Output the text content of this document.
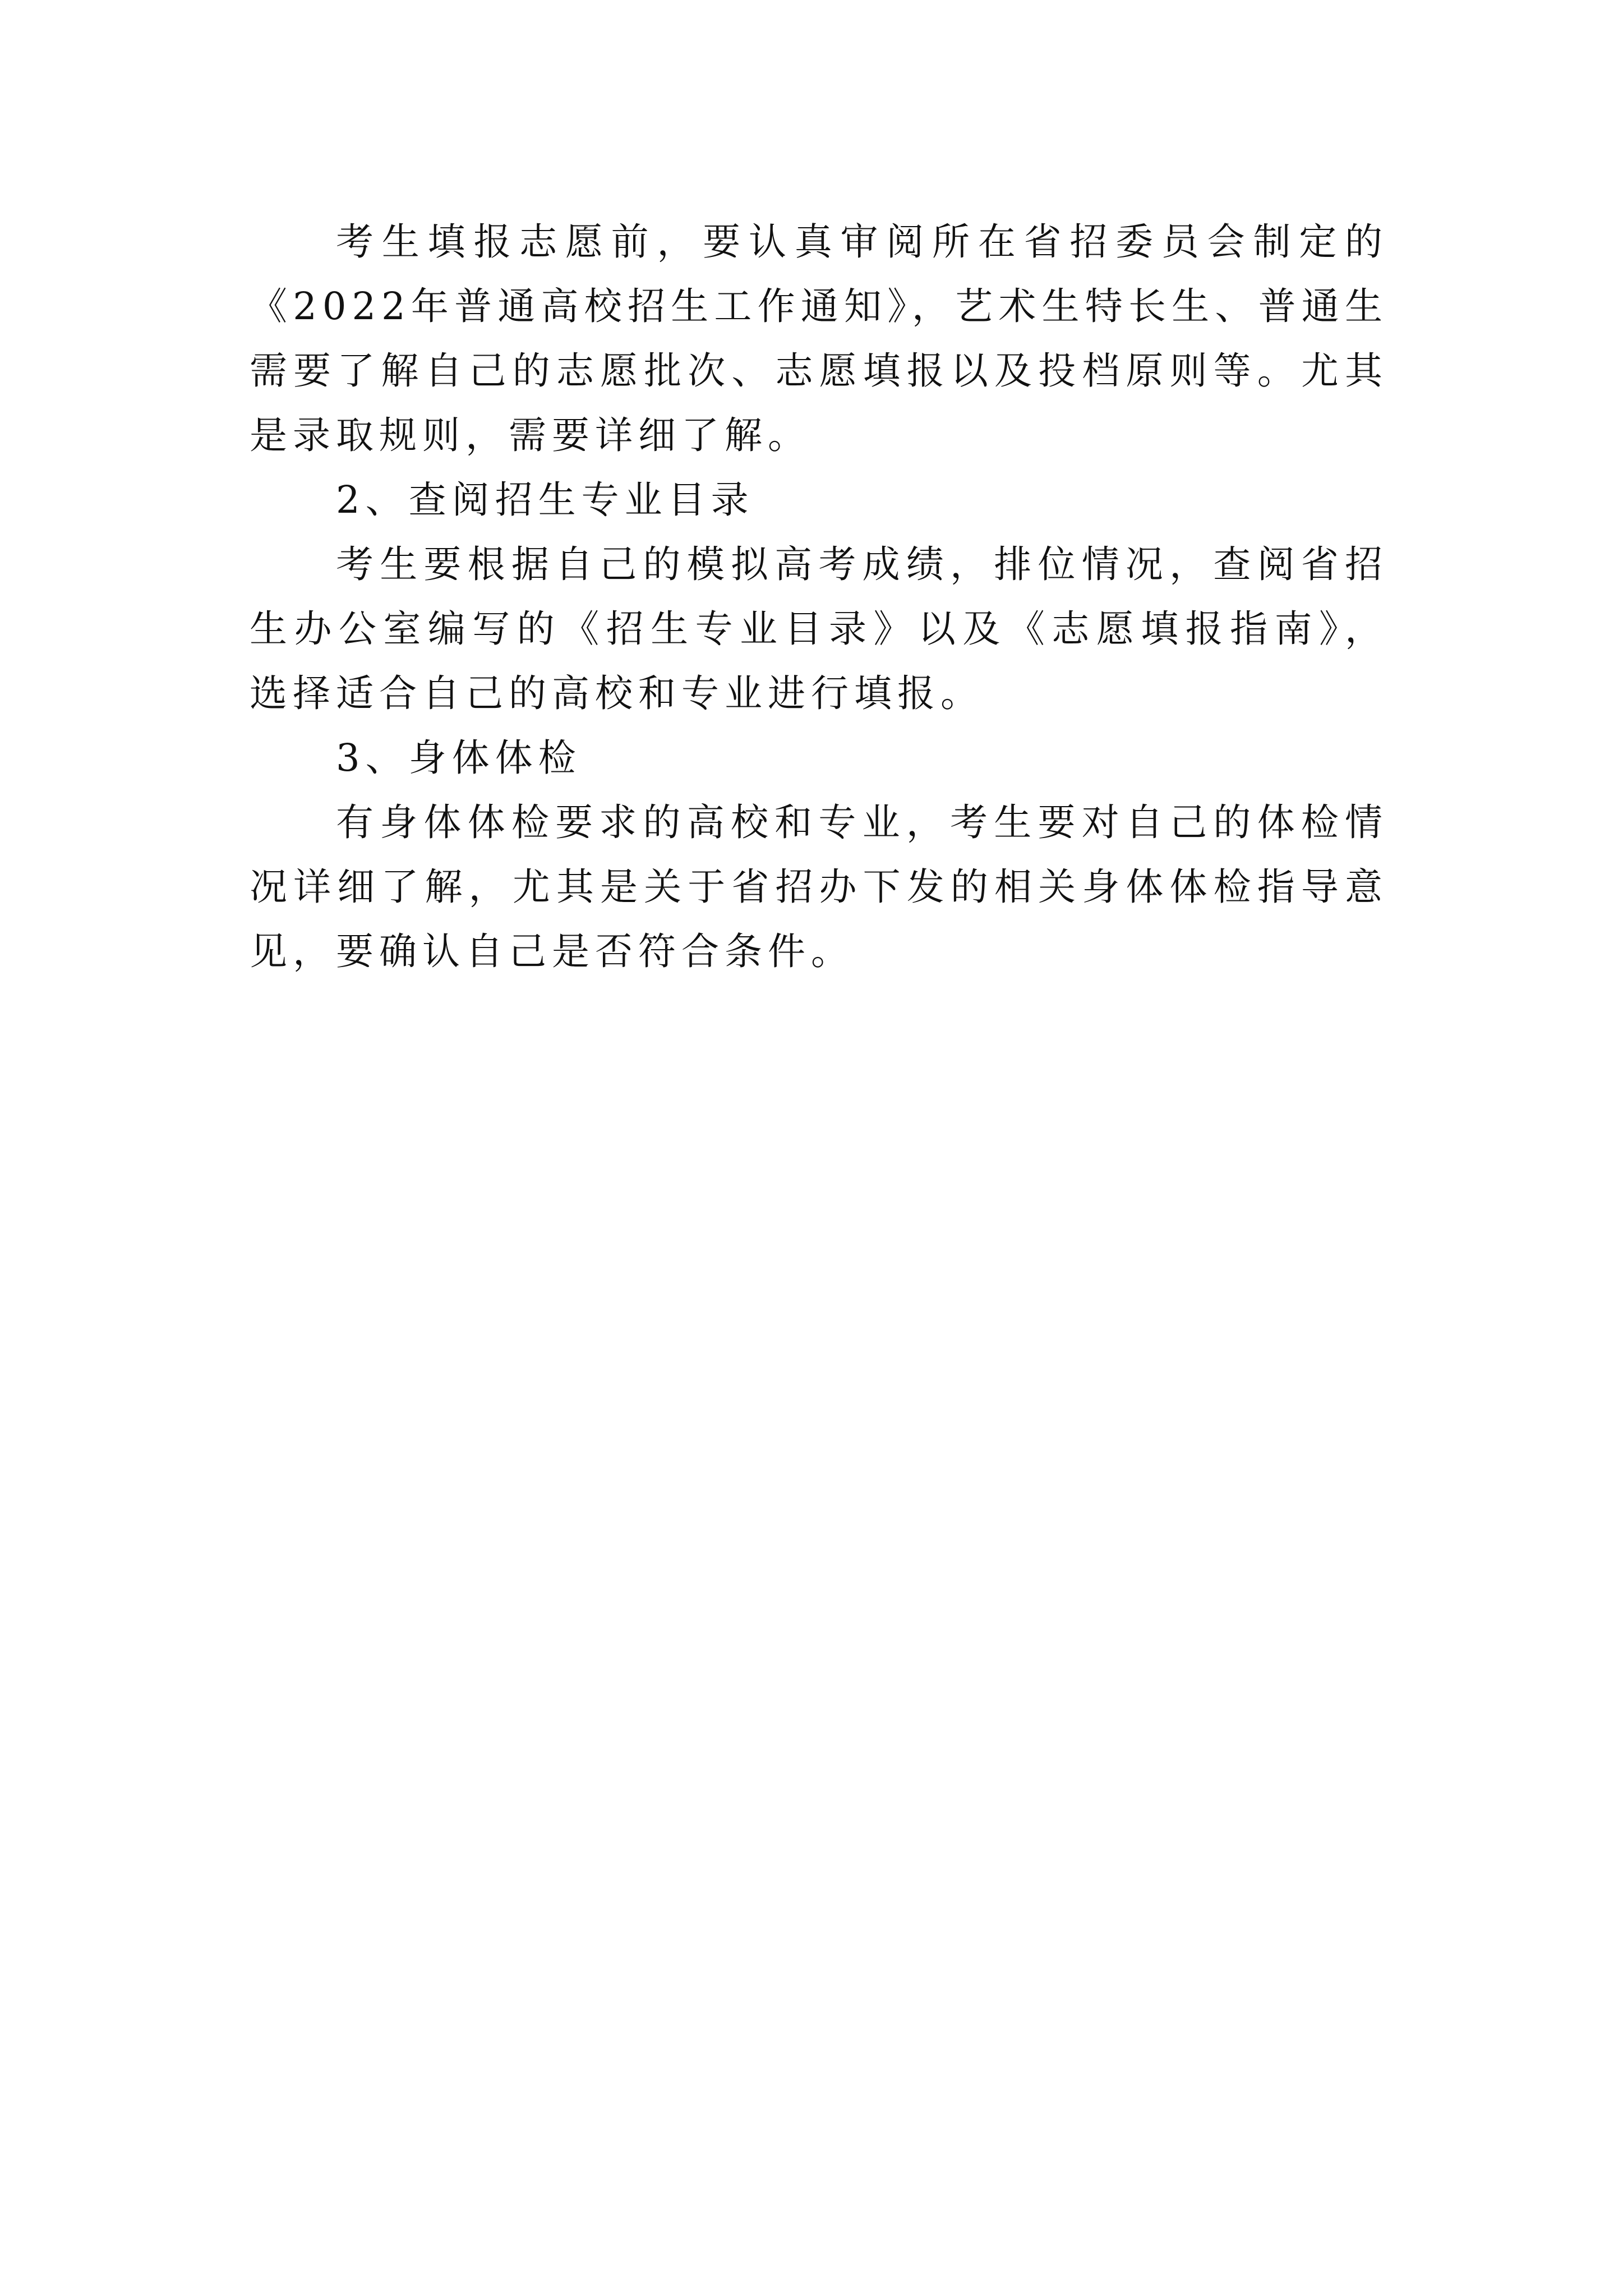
考生填报志愿前，要认真审阅所在省招委员会制定的《2022年普通高校招生工作通知》，艺术生特长生、普通生需要了解自己的志愿批次、志愿填报以及投档原则等。尤其是录取规则，需要详细了解。

2、查阅招生专业目录

考生要根据自己的模拟高考成绩，排位情况，查阅省招生办公室编写的《招生专业目录》以及《志愿填报指南》，选择适合自己的高校和专业进行填报。

3、身体体检

有身体体检要求的高校和专业，考生要对自己的体检情况详细了解，尤其是关于省招办下发的相关身体体检指导意见，要确认自己是否符合条件。
